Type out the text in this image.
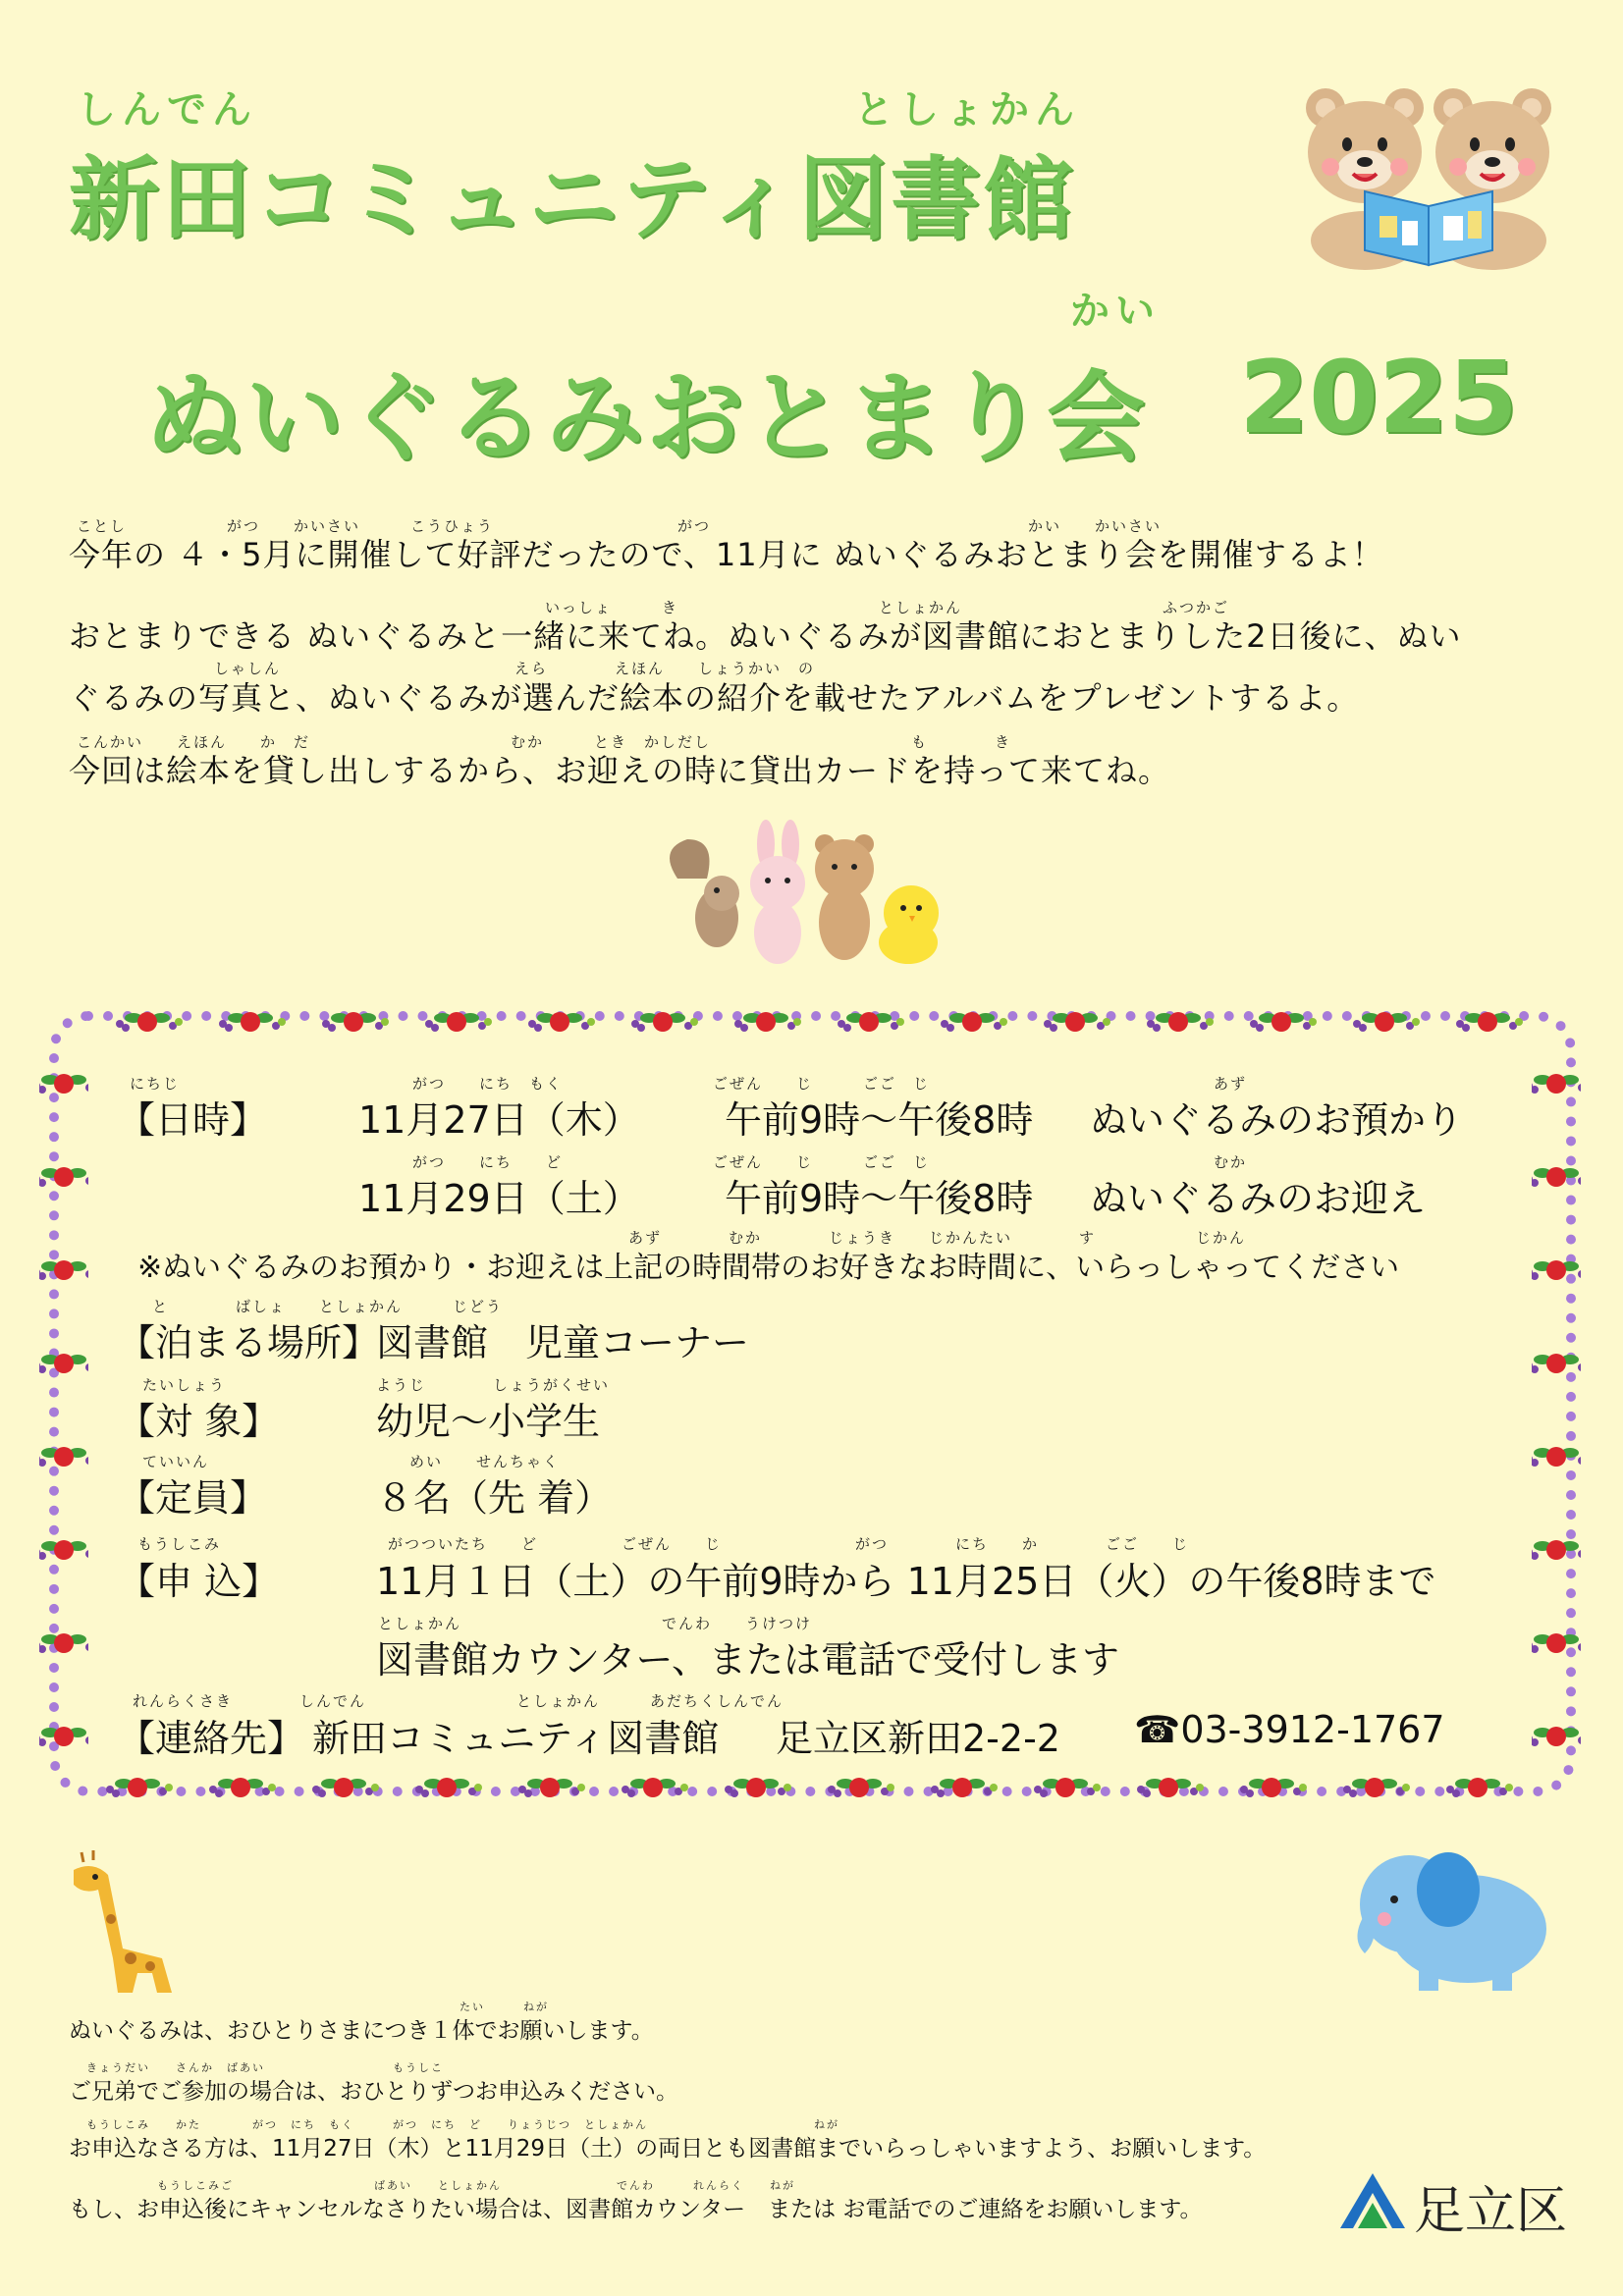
しんでん	としょかん
新田コミュニティ図書館
かい
ぬいぐるみおとまり会 2025
ことし　　　　　　がつ　　かいさい　　　こうひょう　　　　　　　　　　　がつ　　　　　　　　　　　　　　　　　　　かい　　かいさい
今年の ４・5月に開催して好評だったので、11月に ぬいぐるみおとまり会を開催するよ！
いっしょ　　　き　　　　　　　　　　　　としょかん　　　　　　　　　　　　ふつかご
おとまりできる ぬいぐるみと一緒に来てね。ぬいぐるみが図書館におとまりした2日後に、ぬい
しゃしん　　　　　　　　　　　　　　えら　　　　えほん　　しょうかい　の
ぐるみの写真と、ぬいぐるみが選んだ絵本の紹介を載せたアルバムをプレゼントするよ。
こんかい　　えほん　　か　だ　　　　　　　　　　　　むか　　　とき　かしだし　　　　　　　　　　　　も　　　　き
今回は絵本を貸し出しするから、お迎えの時に貸出カードを持って来てね。
にちじ
【日時】
がつ　　にち　もく　　　　　　　　　ごぜん　　じ　　　ごご　じ　　　　　　　　　　　　　　　　　あず
11月27日（木） 午前9時～午後8時 ぬいぐるみのお預かり
がつ　　にち　　ど　　　　　　　　　ごぜん　　じ　　　ごご　じ　　　　　　　　　　　　　　　　　むか
11月29日（土） 午前9時～午後8時 ぬいぐるみのお迎え
あず　　　　むか　　　　じょうき　　じかんたい　　　　す　　　　　　じかん
※ぬいぐるみのお預かり・お迎えは上記の時間帯のお好きなお時間に、いらっしゃってください
と　　　　ばしょ　　としょかん　　　じどう
【泊まる場所】
図書館　児童コーナー
たいしょう　　　　　　　　　ようじ　　　　しょうがくせい
【対 象】	幼児～小学生
ていいん　　　　　　　　　　　　めい　　せんちゃく
【定員】	８名（先 着）
もうしこみ　　　　　　　　　　がつついたち　　ど　　　　　ごぜん　　じ　　　　　　　　がつ　　　　にち　　か　　　　ごご　　じ
【申 込】	11月１日（土）の午前9時から 11月25日（火）の午後8時まで
としょかん　　　　　　　　　　　　でんわ　　うけつけ
図書館カウンター、または電話で受付します
れんらくさき　　　　しんでん　　　　　　　　　としょかん　　　あだちくしんでん
【連絡先】 新田コミュニティ図書館 足立区新田2-2-2 ☎03-3912-1767
たい　　　ねが
ぬいぐるみは、おひとりさまにつき１体でお願いします。
きょうだい　　さんか　ばあい　　　　　　　　　　もうしこ
ご兄弟でご参加の場合は、おひとりずつお申込みください。
もうしこみ　　かた　　　　がつ　にち　もく　　　がつ　にち　ど　　りょうじつ　としょかん　　　　　　　　　　　　　ねが
お申込なさる方は、11月27日（木）と11月29日（土）の両日とも図書館までいらっしゃいますよう、お願いします。
もうしこみご　　　　　　　　　　　ばあい　　としょかん　　　　　　　　　でんわ　　　れんらく　　ねが
もし、お申込後にキャンセルなさりたい場合は、図書館カウンター　または お電話でのご連絡をお願いします。	足立区
